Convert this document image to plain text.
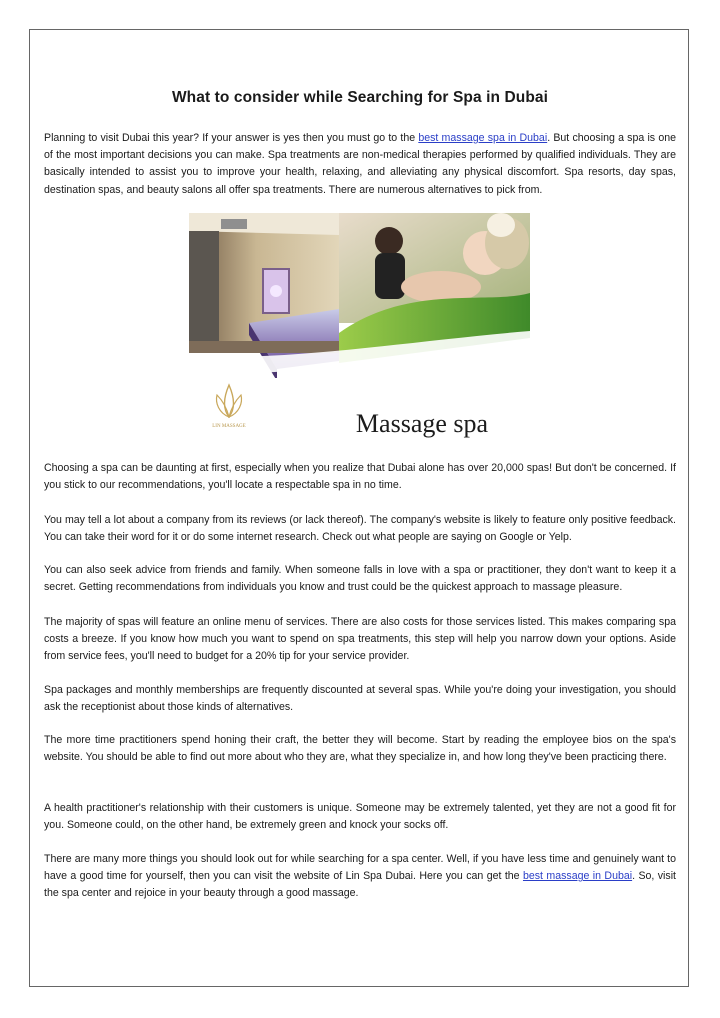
What to consider while Searching for Spa in Dubai

Planning to visit Dubai this year? If your answer is yes then you must go to the best massage spa in Dubai. But choosing a spa is one of the most important decisions you can make. Spa treatments are non-medical therapies performed by qualified individuals. They are basically intended to assist you to improve your health, relaxing, and alleviating any physical discomfort. Spa resorts, day spas, destination spas, and beauty salons all offer spa treatments. There are numerous alternatives to pick from.

LIN MASSAGE	Massage spa

Choosing a spa can be daunting at first, especially when you realize that Dubai alone has over 20,000 spas! But don't be concerned. If you stick to our recommendations, you'll locate a respectable spa in no time.

You may tell a lot about a company from its reviews (or lack thereof). The company's website is likely to feature only positive feedback. You can take their word for it or do some internet research. Check out what people are saying on Google or Yelp.

You can also seek advice from friends and family. When someone falls in love with a spa or practitioner, they don't want to keep it a secret. Getting recommendations from individuals you know and trust could be the quickest approach to massage pleasure.

The majority of spas will feature an online menu of services. There are also costs for those services listed. This makes comparing spa costs a breeze. If you know how much you want to spend on spa treatments, this step will help you narrow down your options. Aside from service fees, you'll need to budget for a 20% tip for your service provider.

Spa packages and monthly memberships are frequently discounted at several spas. While you're doing your investigation, you should ask the receptionist about those kinds of alternatives.

The more time practitioners spend honing their craft, the better they will become. Start by reading the employee bios on the spa's website. You should be able to find out more about who they are, what they specialize in, and how long they've been practicing there.

A health practitioner's relationship with their customers is unique. Someone may be extremely talented, yet they are not a good fit for you. Someone could, on the other hand, be extremely green and knock your socks off.

There are many more things you should look out for while searching for a spa center. Well, if you have less time and genuinely want to have a good time for yourself, then you can visit the website of Lin Spa Dubai. Here you can get the best massage in Dubai. So, visit the spa center and rejoice in your beauty through a good massage.
